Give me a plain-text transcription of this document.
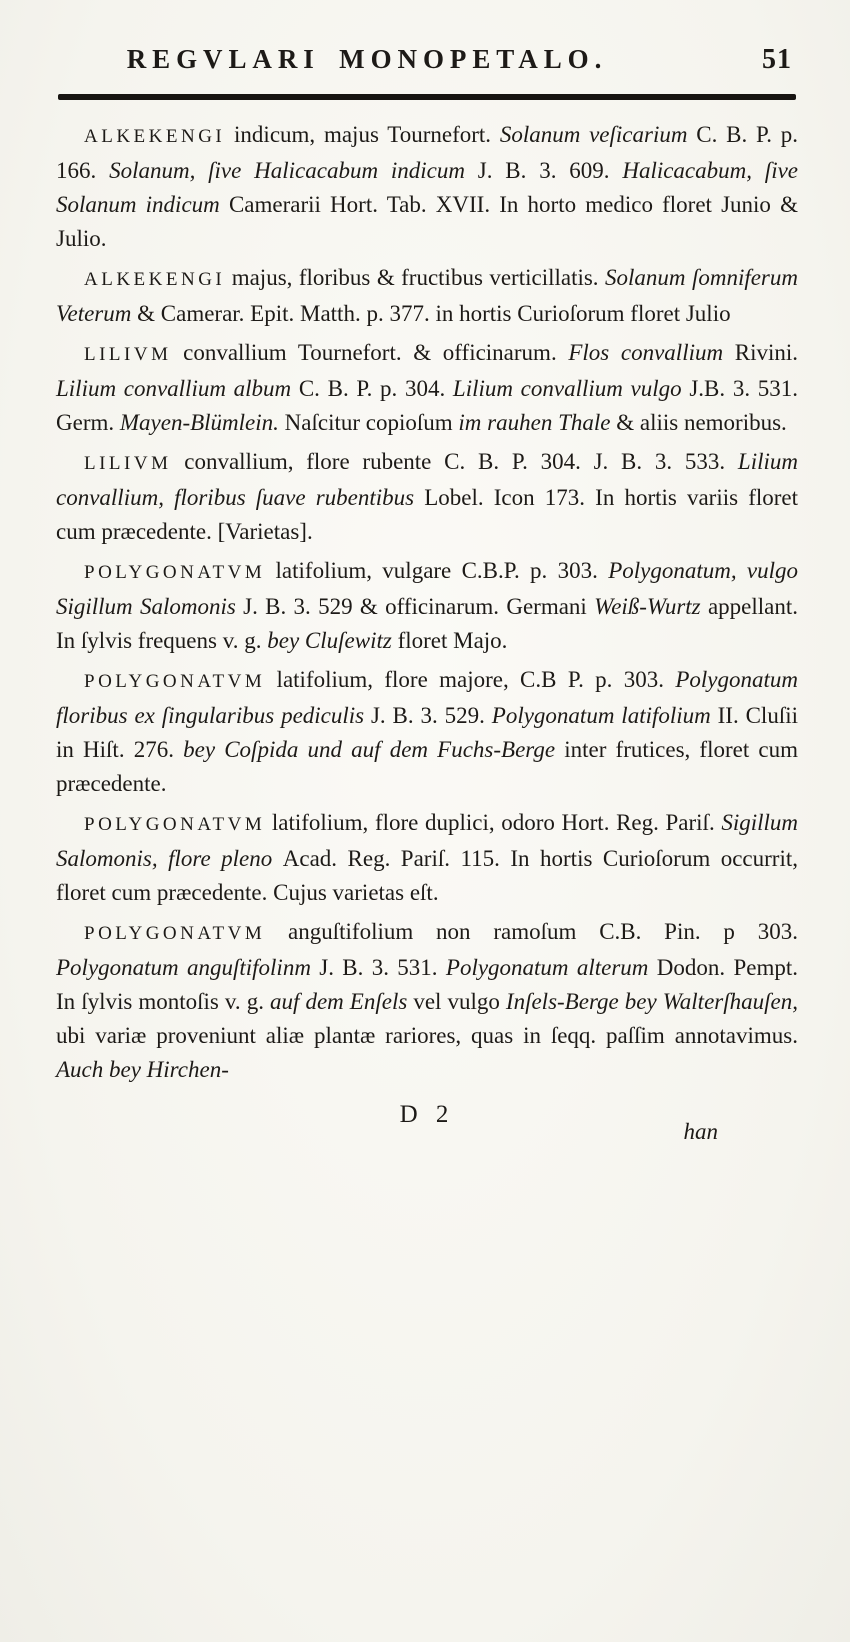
REGVLARI MONOPETALO.	51

ALKEKENGI indicum, majus Tournefort. Solanum veſicarium C. B. P. p. 166. Solanum, ſive Halicacabum indicum J. B. 3. 609. Halicacabum, ſive Solanum indicum Camerarii Hort. Tab. XVII. In horto medico floret Junio & Julio.

ALKEKENGI majus, floribus & fructibus verticillatis. Solanum ſomniferum Veterum & Camerar. Epit. Matth. p. 377. in hortis Curioſorum floret Julio

LILIVM convallium Tournefort. & officinarum. Flos convallium Rivini. Lilium convallium album C. B. P. p. 304. Lilium convallium vulgo J.B. 3. 531. Germ. Mayen-Blümlein. Naſcitur copioſum im rauhen Thale & aliis nemoribus.

LILIVM convallium, flore rubente C. B. P. 304. J. B. 3. 533. Lilium convallium, floribus ſuave rubentibus Lobel. Icon 173. In hortis variis floret cum præcedente. [Varietas].

POLYGONATVM latifolium, vulgare C.B.P. p. 303. Polygonatum, vulgo Sigillum Salomonis J. B. 3. 529 & officinarum. Germani Weiß-Wurtz appellant. In ſylvis frequens v. g. bey Cluſewitz floret Majo.

POLYGONATVM latifolium, flore majore, C.B P. p. 303. Polygonatum floribus ex ſingularibus pediculis J. B. 3. 529. Polygonatum latifolium II. Cluſii in Hiſt. 276. bey Coſpida und auf dem Fuchs-Berge inter frutices, floret cum præcedente.

POLYGONATVM latifolium, flore duplici, odoro Hort. Reg. Pariſ. Sigillum Salomonis, flore pleno Acad. Reg. Pariſ. 115. In hortis Curioſorum occurrit, floret cum præcedente. Cujus varietas eſt.

POLYGONATVM anguſtifolium non ramoſum C.B. Pin. p 303. Polygonatum anguſtifolinm J. B. 3. 531. Polygonatum alterum Dodon. Pempt. In ſylvis montoſis v. g. auf dem Enſels vel vulgo Inſels-Berge bey Walterſhauſen, ubi variæ proveniunt aliæ plantæ rariores, quas in ſeqq. paſſim annotavimus. Auch bey Hirchen-

D 2
han
